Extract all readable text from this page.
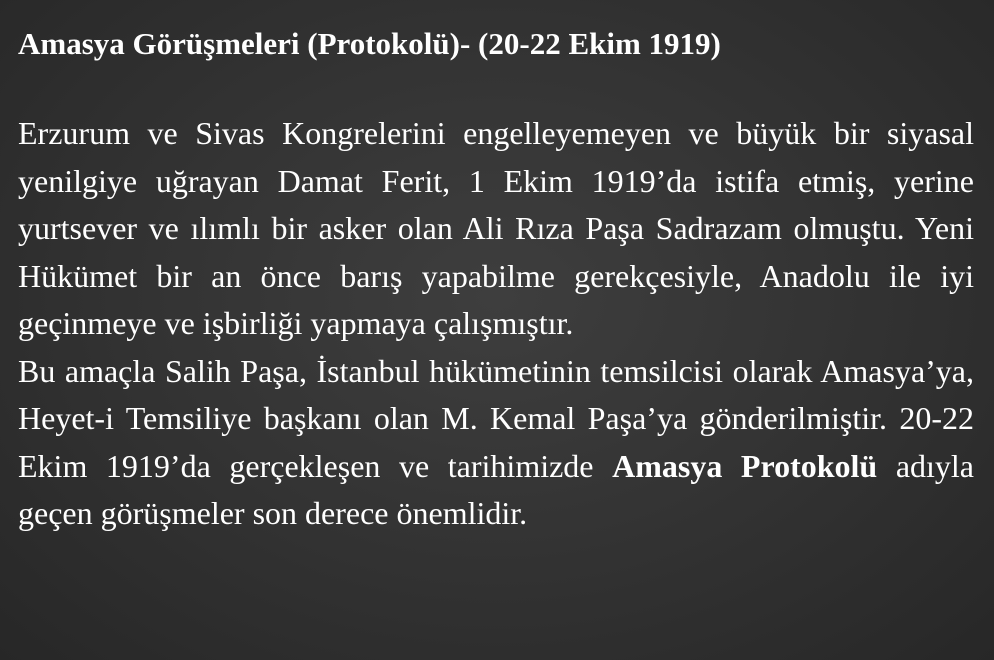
Amasya Görüşmeleri (Protokolü)- (20-22 Ekim 1919)

Erzurum ve Sivas Kongrelerini engelleyemeyen ve büyük bir siyasal yenilgiye uğrayan Damat Ferit, 1 Ekim 1919’da istifa etmiş, yerine yurtsever ve ılımlı bir asker olan Ali Rıza Paşa Sadrazam olmuştu. Yeni Hükümet bir an önce barış yapabilme gerekçesiyle, Anadolu ile iyi geçinmeye ve işbirliği yapmaya çalışmıştır.

Bu amaçla Salih Paşa, İstanbul hükümetinin temsilcisi olarak Amasya’ya, Heyet-i Temsiliye başkanı olan M. Kemal Paşa’ya gönderilmiştir. 20-22 Ekim 1919’da gerçekleşen ve tarihimizde Amasya Protokolü adıyla geçen görüşmeler son derece önemlidir.
